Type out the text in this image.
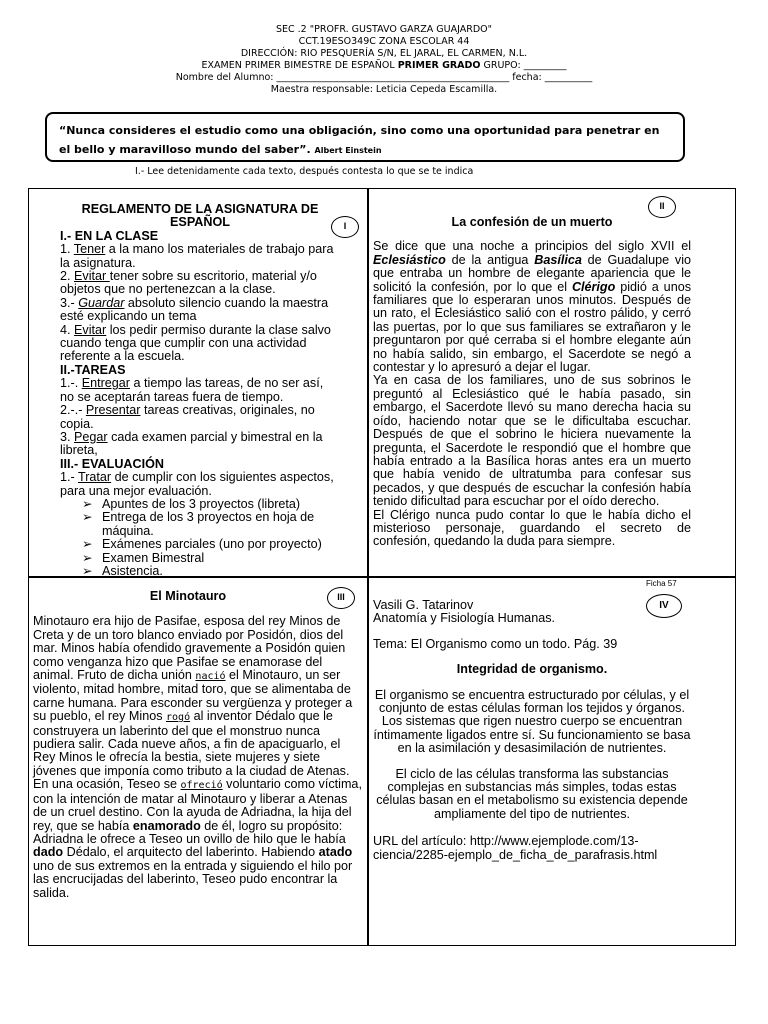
SEC .2 "PROFR. GUSTAVO GARZA GUAJARDO"
CCT.19ESO349C ZONA ESCOLAR 44
DIRECCIÓN: RIO PESQUERÍA S/N, EL JARAL, EL CARMEN, N.L.
EXAMEN PRIMER BIMESTRE DE ESPAÑOL PRIMER GRADO GRUPO: _________
Nombre del Alumno: _________________________________________________ fecha: __________
Maestra responsable: Leticia Cepeda Escamilla.
“Nunca consideres el estudio como una obligación, sino como una oportunidad para penetrar en el bello y maravilloso mundo del saber”. Albert Einstein
I.- Lee detenidamente cada texto, después contesta lo que se te indica
I
REGLAMENTO DE LA ASIGNATURA DE ESPAÑOL
I.- EN LA CLASE

1. Tener a la mano los materiales de trabajo para la asignatura.

2. Evitar tener sobre su escritorio, material y/o objetos que no pertenezcan a la clase.

3.- Guardar absoluto silencio cuando la maestra esté explicando un tema

4. Evitar los pedir permiso durante la clase salvo cuando tenga que cumplir con una actividad referente a la escuela.

II.-TAREAS

1.-. Entregar a tiempo las tareas, de no ser así, no se aceptarán tareas fuera de tiempo.

2.-.- Presentar tareas creativas, originales, no copia.

3. Pegar cada examen parcial y bimestral en la libreta,

III.- EVALUACIÓN

1.- Tratar de cumplir con los siguientes aspectos, para una mejor evaluación.

➢ Apuntes de los 3 proyectos (libreta)
➢ Entrega de los 3 proyectos en hoja de máquina.
➢ Exámenes parciales (uno por proyecto)
➢ Examen Bimestral
➢ Asistencia.
II
La confesión de un muerto

Se dice que una noche a principios del siglo XVII el Eclesiástico de la antigua Basílica de Guadalupe vio que entraba un hombre de elegante apariencia que le solicitó la confesión, por lo que el Clérigo pidió a unos familiares que lo esperaran unos minutos. Después de un rato, el Eclesiástico salió con el rostro pálido, y cerró las puertas, por lo que sus familiares se extrañaron y le preguntaron por qué cerraba si el hombre elegante aún no había salido, sin embargo, el Sacerdote se negó a contestar y lo apresuró a dejar el lugar.

Ya en casa de los familiares, uno de sus sobrinos le preguntó al Eclesiástico qué le había pasado, sin embargo, el Sacerdote llevó su mano derecha hacia su oído, haciendo notar que se le dificultaba escuchar. Después de que el sobrino le hiciera nuevamente la pregunta, el Sacerdote le respondió que el hombre que había entrado a la Basílica horas antes era un muerto que había venido de ultratumba para confesar sus pecados, y que después de escuchar la confesión había tenido dificultad para escuchar por el oído derecho.

El Clérigo nunca pudo contar lo que le había dicho el misterioso personaje, guardando el secreto de confesión, quedando la duda para siempre.

III
El Minotauro

Minotauro era hijo de Pasifae, esposa del rey Minos de Creta y de un toro blanco enviado por Posidón, dios del mar. Minos había ofendido gravemente a Posidón quien como venganza hizo que Pasifae se enamorase del animal. Fruto de dicha unión nació el Minotauro, un ser violento, mitad hombre, mitad toro, que se alimentaba de carne humana. Para esconder su vergüenza y proteger a su pueblo, el rey Minos rogó al inventor Dédalo que le construyera un laberinto del que el monstruo nunca pudiera salir. Cada nueve años, a fin de apaciguarlo, el Rey Minos le ofrecía la bestia, siete mujeres y siete jóvenes que imponía como tributo a la ciudad de Atenas.

En una ocasión, Teseo se ofreció voluntario como víctima, con la intención de matar al Minotauro y liberar a Atenas de un cruel destino. Con la ayuda de Adriadna, la hija del rey, que se había enamorado de él, logro su propósito: Adriadna le ofrece a Teseo un ovillo de hilo que le había dado Dédalo, el arquitecto del laberinto. Habiendo atado uno de sus extremos en la entrada y siguiendo el hilo por las encrucijadas del laberinto, Teseo pudo encontrar la salida.

Ficha 57
IV

Vasili G. Tatarinov

Anatomía y Fisiología Humanas.

Tema: El Organismo como un todo. Pág. 39

Integridad de organismo.

El organismo se encuentra estructurado por células, y el conjunto de estas células forman los tejidos y órganos. Los sistemas que rigen nuestro cuerpo se encuentran íntimamente ligados entre sí. Su funcionamiento se basa en la asimilación y desasimilación de nutrientes.

El ciclo de las células transforma las substancias complejas en substancias más simples, todas estas células basan en el metabolismo su existencia depende ampliamente del tipo de nutrientes.

URL del artículo: http://www.ejemplode.com/13-ciencia/2285-ejemplo_de_ficha_de_parafrasis.html
